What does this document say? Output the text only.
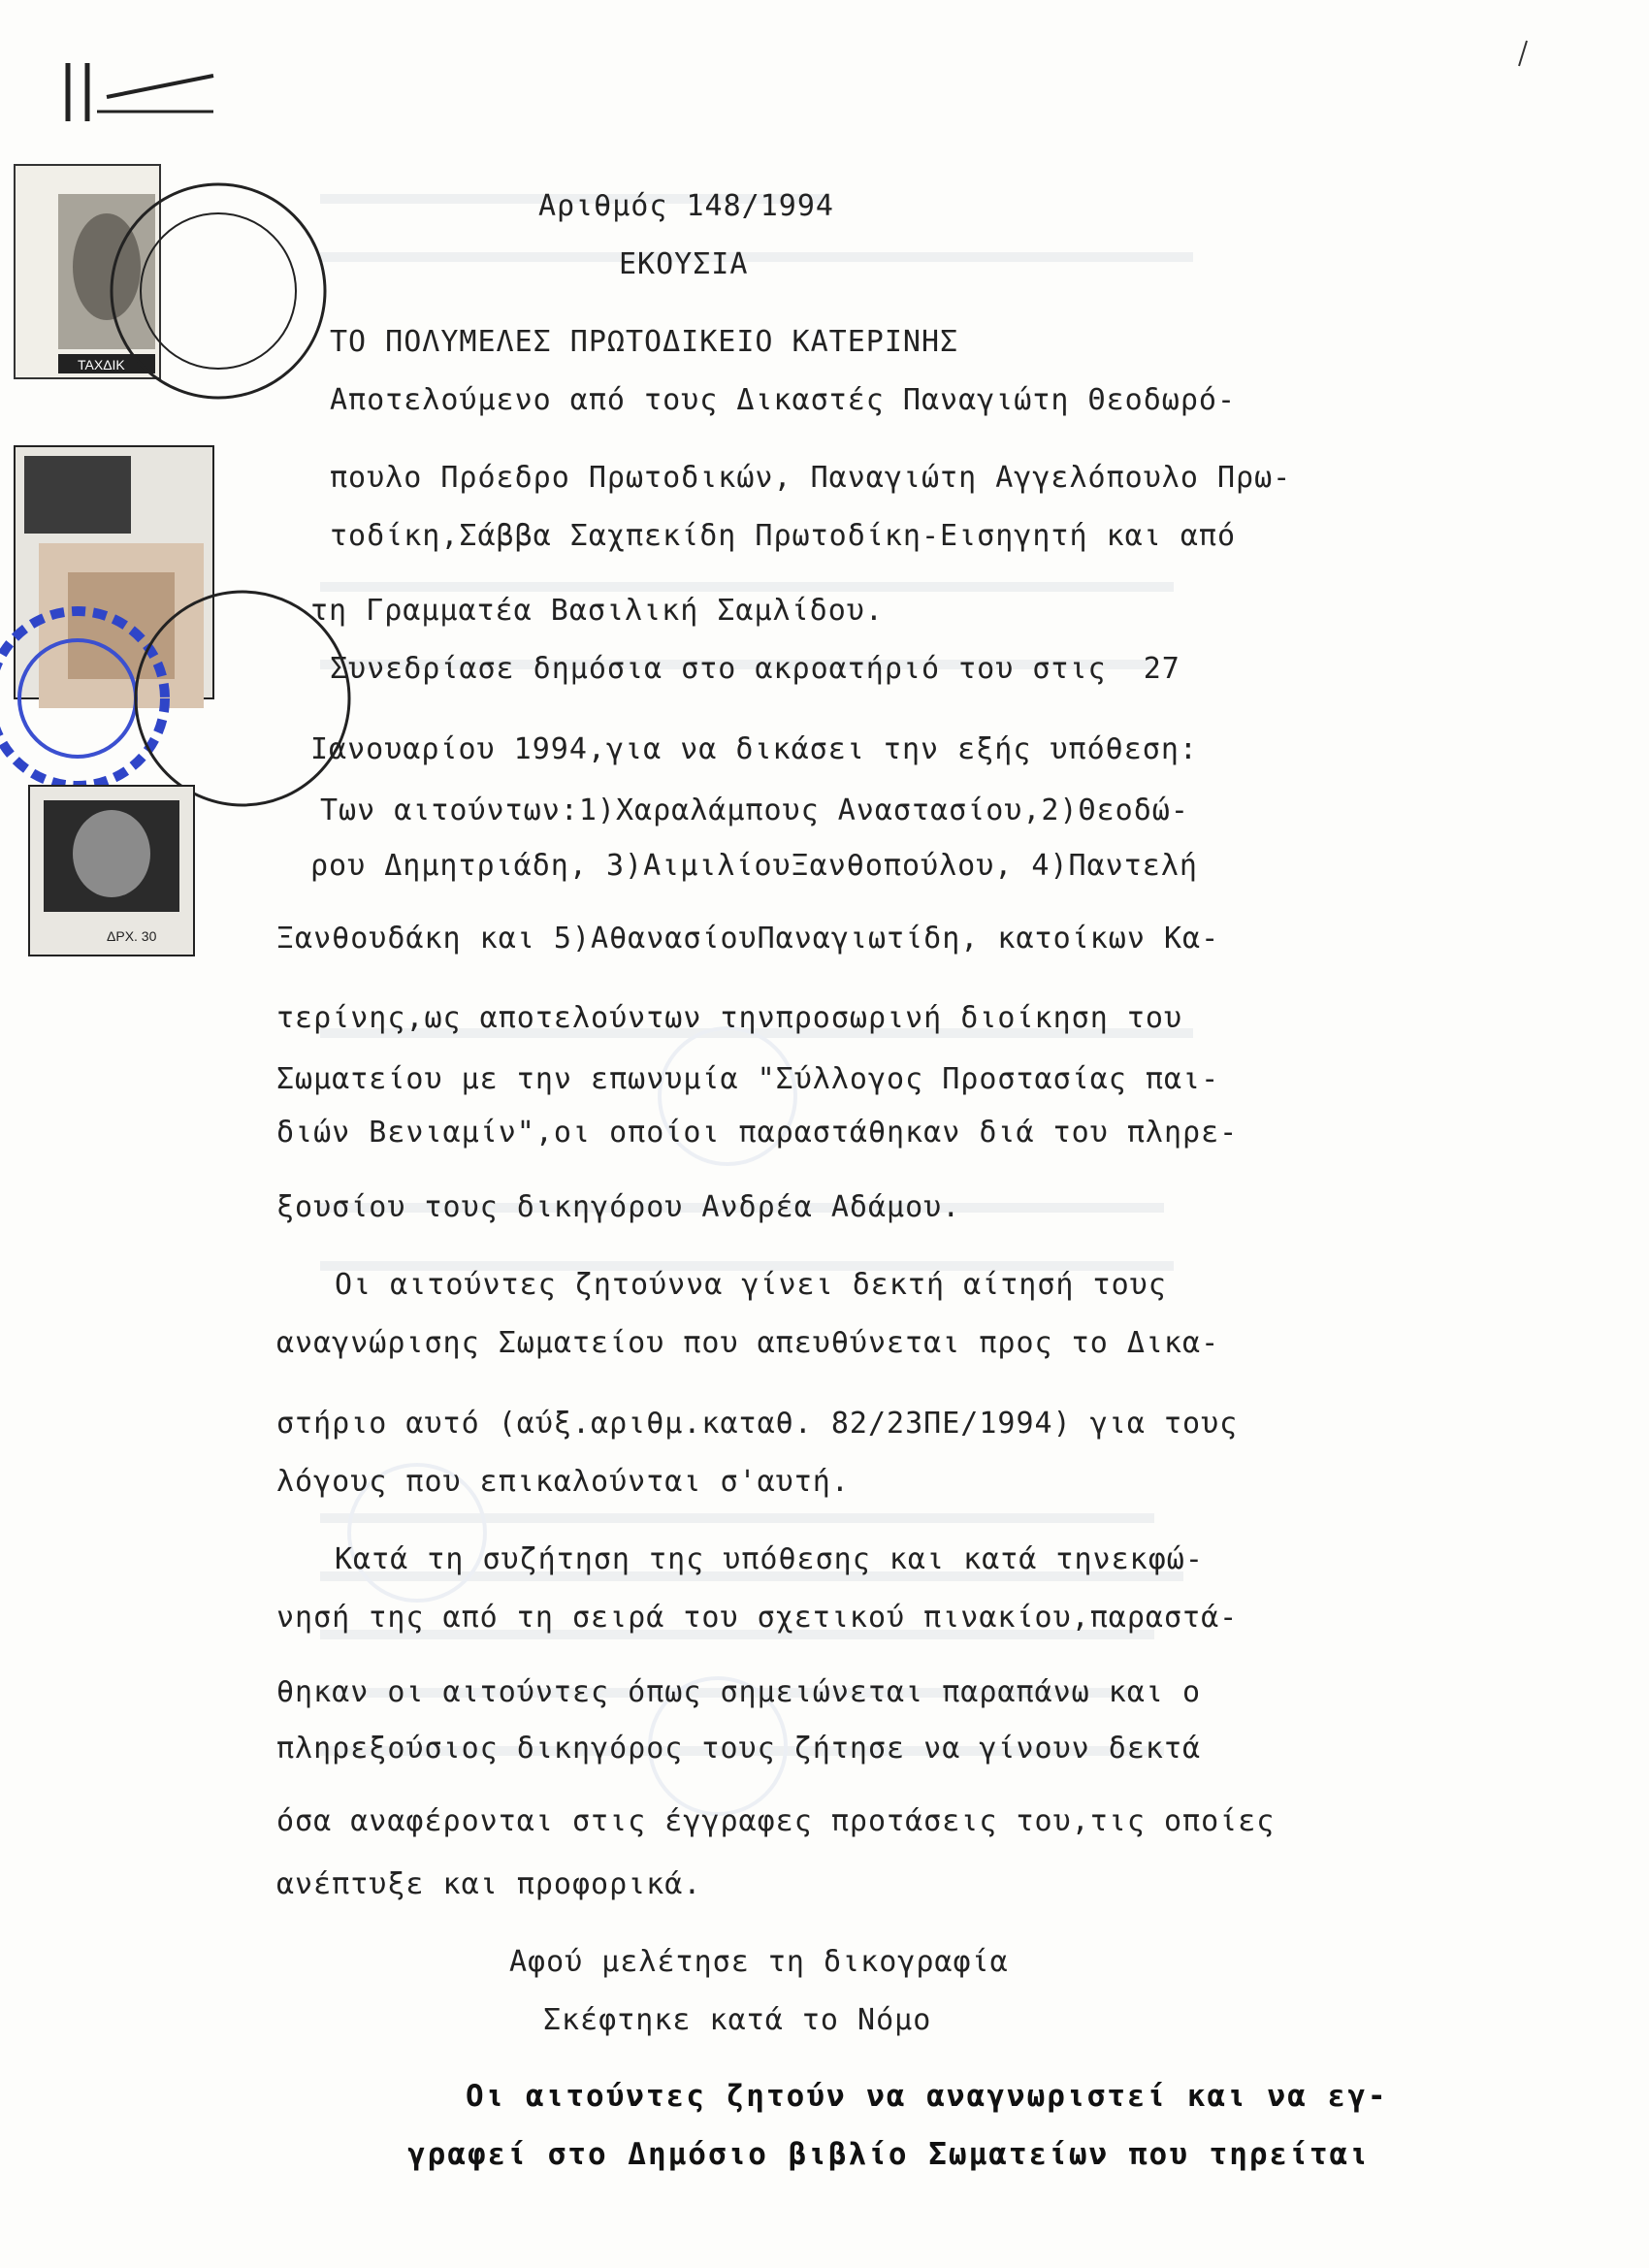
ΤΑΧΔΙΚ
ΔΡΧ. 30
Αριθμός 148/1994
ΕΚΟΥΣΙΑ
ΤΟ ΠΟΛΥΜΕΛΕΣ ΠΡΩΤΟΔΙΚΕΙΟ ΚΑΤΕΡΙΝΗΣ
Αποτελούμενο από τους Δικαστές Παναγιώτη Θεοδωρό-
πουλο Πρόεδρο Πρωτοδικών, Παναγιώτη Αγγελόπουλο Πρω-
τοδίκη,Σάββα Σαχπεκίδη Πρωτοδίκη-Εισηγητή και από
τη Γραμματέα Βασιλική Σαμλίδου.
Συνεδρίασε δημόσια στο ακροατήριό του στις  27
Ιανουαρίου 1994,για να δικάσει την εξής υπόθεση:
Των αιτούντων:1)Χαραλάμπους Αναστασίου,2)Θεοδώ-
ρου Δημητριάδη, 3)ΑιμιλίουΞανθοπούλου, 4)Παντελή
Ξανθουδάκη και 5)ΑθανασίουΠαναγιωτίδη, κατοίκων Κα-
τερίνης,ως αποτελούντων τηνπροσωρινή διοίκηση του
Σωματείου με την επωνυμία "Σύλλογος Προστασίας παι-
διών Βενιαμίν",οι οποίοι παραστάθηκαν διά του πληρε-
ξουσίου τους δικηγόρου Ανδρέα Αδάμου.
Οι αιτούντες ζητούννα γίνει δεκτή αίτησή τους
αναγνώρισης Σωματείου που απευθύνεται προς το Δικα-
στήριο αυτό (αύξ.αριθμ.καταθ. 82/23ΠΕ/1994) για τους
λόγους που επικαλούνται σ'αυτή.
Κατά τη συζήτηση της υπόθεσης και κατά τηνεκφώ-
νησή της από τη σειρά του σχετικού πινακίου,παραστά-
θηκαν οι αιτούντες όπως σημειώνεται παραπάνω και ο
πληρεξούσιος δικηγόρος τους ζήτησε να γίνουν δεκτά
όσα αναφέρονται στις έγγραφες προτάσεις του,τις οποίες
ανέπτυξε και προφορικά.
Αφού μελέτησε τη δικογραφία
Σκέφτηκε κατά το Νόμο
Οι αιτούντες ζητούν να αναγνωριστεί και να εγ-
γραφεί στο Δημόσιο βιβλίο Σωματείων που τηρείται
